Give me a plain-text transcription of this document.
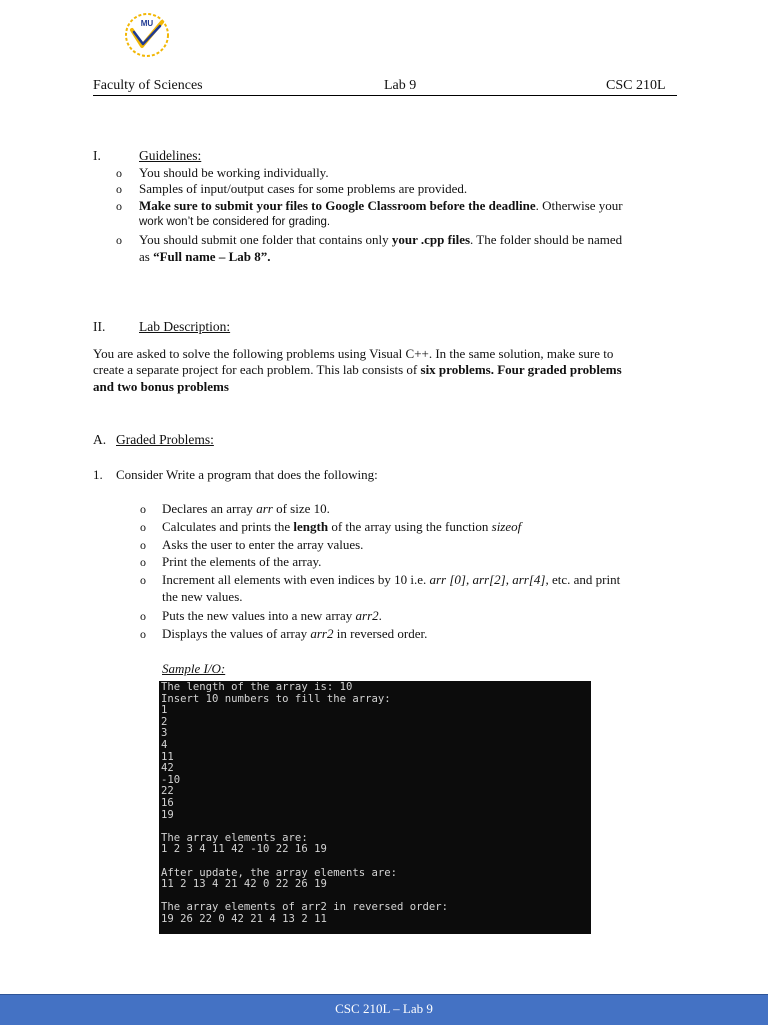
MU
Faculty of Sciences	Lab 9	CSC 210L
I.	Guidelines:
o	You should be working individually.
o	Samples of input/output cases for some problems are provided.
o	Make sure to submit your files to Google Classroom before the deadline. Otherwise your
work won’t be considered for grading.
o	You should submit one folder that contains only your .cpp files. The folder should be named
as “Full name – Lab 8”.
II. Lab Description:
You are asked to solve the following problems using Visual C++. In the same solution, make sure to
create a separate project for each problem. This lab consists of six problems. Four graded problems
and two bonus problems
A. Graded Problems:
1. Consider Write a program that does the following:
o	Declares an array arr of size 10.
o	Calculates and prints the length of the array using the function sizeof
o	Asks the user to enter the array values.
o	Print the elements of the array.
o	Increment all elements with even indices by 10 i.e. arr [0], arr[2], arr[4], etc. and print
the new values.
o	Puts the new values into a new array arr2.
o	Displays the values of array arr2 in reversed order.
Sample I/O:
The length of the array is: 10
Insert 10 numbers to fill the array:
1
2
3
4
11
42
-10
22
16
19
The array elements are:
1 2 3 4 11 42 -10 22 16 19
After update, the array elements are:
11 2 13 4 21 42 0 22 26 19
The array elements of arr2 in reversed order:
19 26 22 0 42 21 4 13 2 11
CSC 210L – Lab 9
